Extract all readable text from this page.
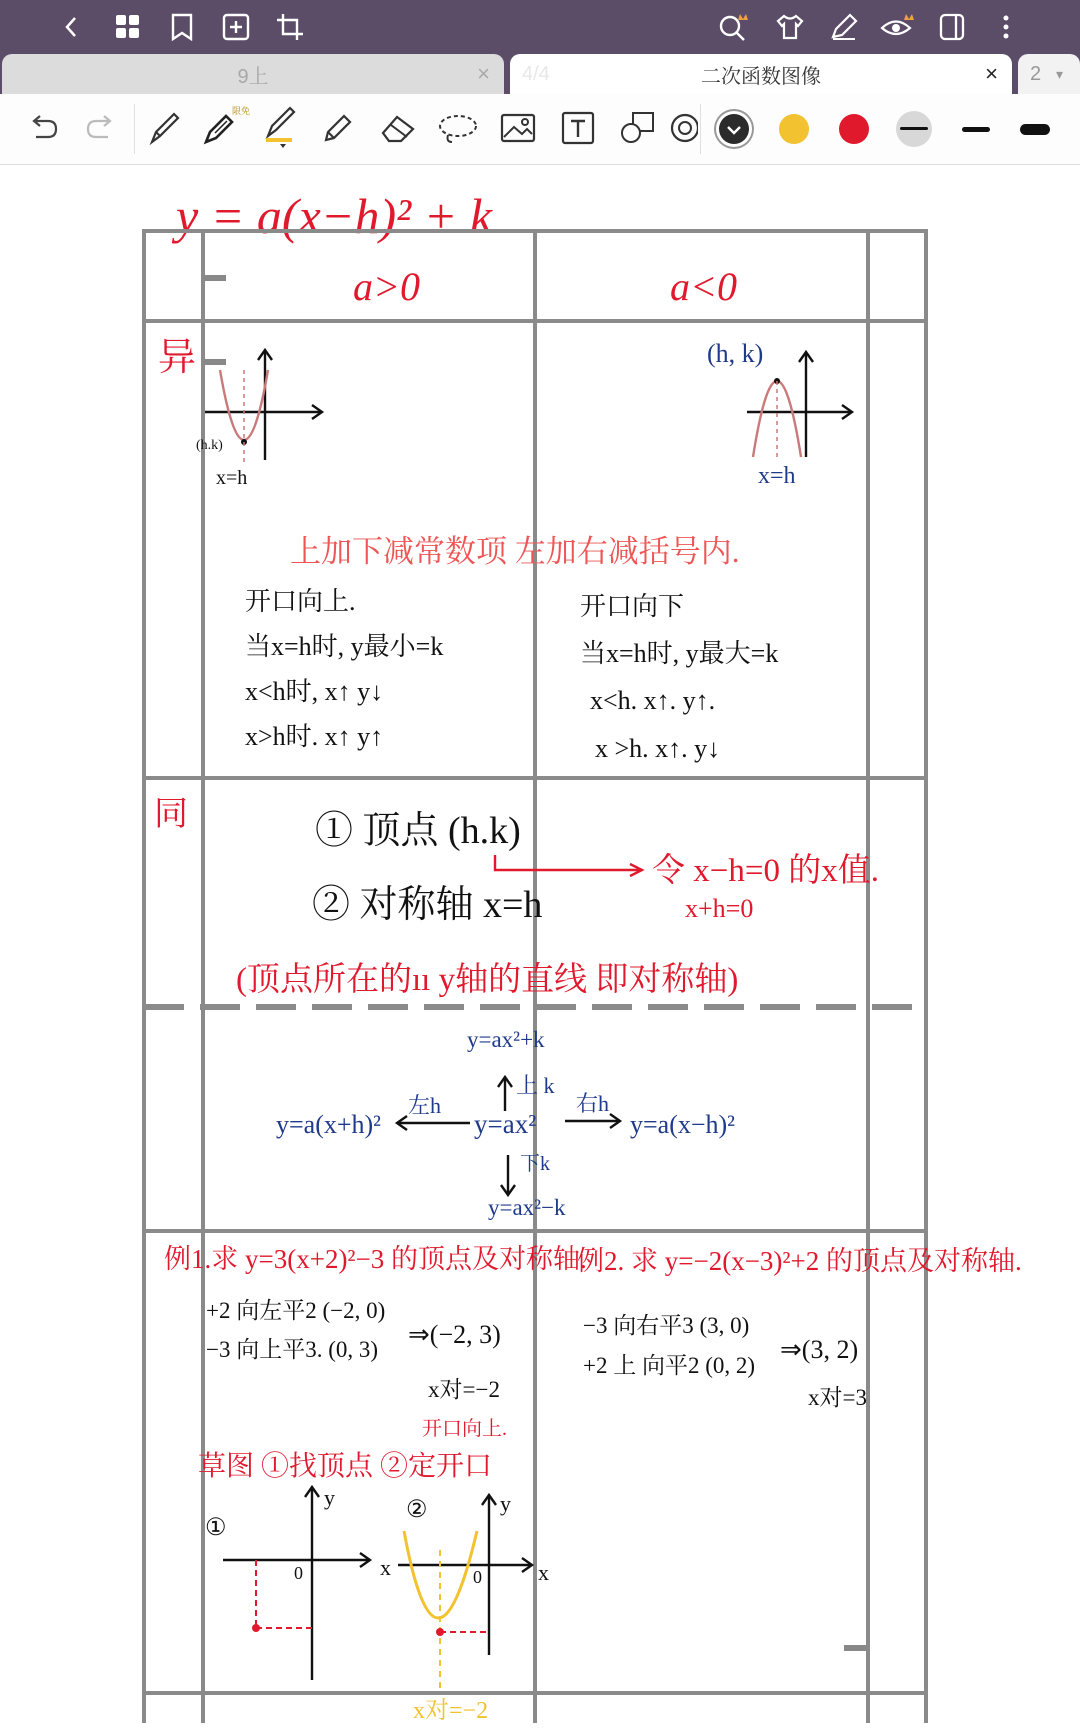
9上	× 4/4	二次函数图像	× 2 ▾
限免
y = a(x−h)² + k
a>0	a<0
异
同
(h.k)
x=h
(h, k)
x=h
上加下减常数项 左加右减括号内.
开口向上.
当x=h时, y最小=k
x<h时, x↑ y↓
x>h时. x↑ y↑
开口向下
当x=h时, y最大=k
x<h. x↑. y↑.
x >h. x↑. y↓
① 顶点 (h.k)
令 x−h=0 的x值.
x+h=0
② 对称轴 x=h
(顶点所在的ıı y轴的直线 即对称轴)
y=ax²+k
上 k
y=ax²
左h
y=a(x+h)²
右h
y=a(x−h)²
下k
y=ax²−k
例1.求 y=3(x+2)²−3 的顶点及对称轴.
+2 向左平2 (−2, 0)
−3 向上平3. (0, 3)
⇒(−2, 3)
x对=−2
开口向上.
例2. 求 y=−2(x−3)²+2 的顶点及对称轴.
−3 向右平3 (3, 0)
+2 上 向平2 (0, 2)
⇒(3, 2)
x对=3
草图 ①找顶点 ②定开口
①
x
y
0
②
x
y
0
x对=−2
